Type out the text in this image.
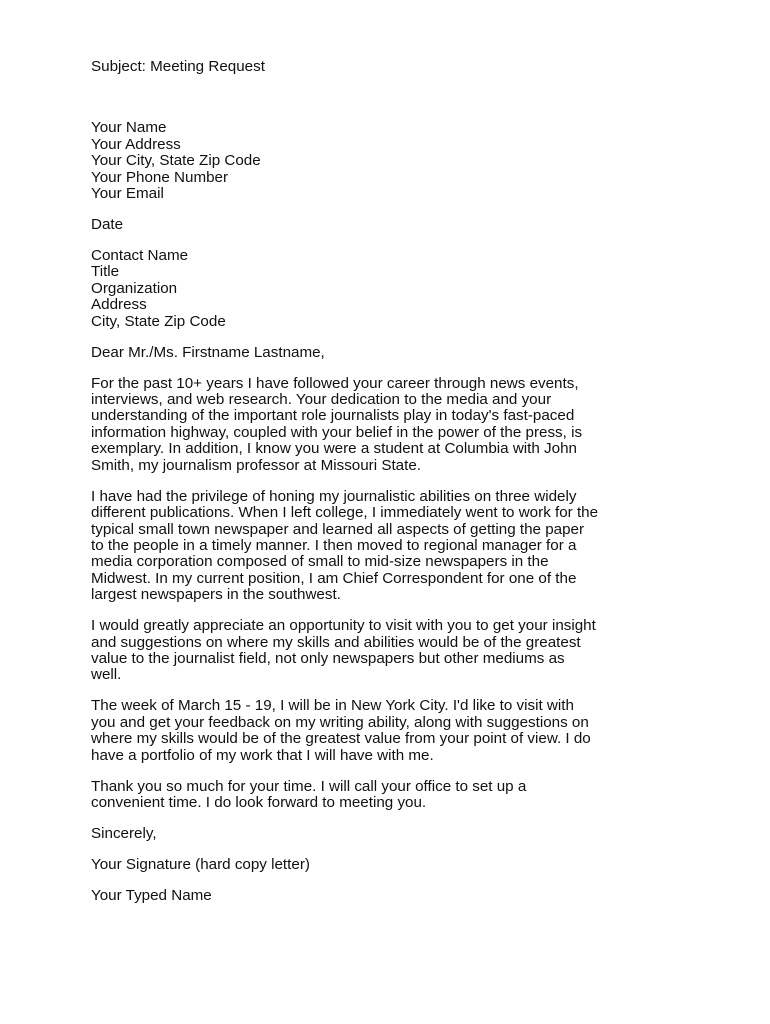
Subject: Meeting Request
Your Name
Your Address
Your City, State Zip Code
Your Phone Number
Your Email
Date
Contact Name
Title
Organization
Address
City, State Zip Code
Dear Mr./Ms. Firstname Lastname,
For the past 10+ years I have followed your career through news events,
interviews, and web research. Your dedication to the media and your
understanding of the important role journalists play in today's fast-paced
information highway, coupled with your belief in the power of the press, is
exemplary. In addition, I know you were a student at Columbia with John
Smith, my journalism professor at Missouri State.
I have had the privilege of honing my journalistic abilities on three widely
different publications. When I left college, I immediately went to work for the
typical small town newspaper and learned all aspects of getting the paper
to the people in a timely manner. I then moved to regional manager for a
media corporation composed of small to mid-size newspapers in the
Midwest. In my current position, I am Chief Correspondent for one of the
largest newspapers in the southwest.
I would greatly appreciate an opportunity to visit with you to get your insight
and suggestions on where my skills and abilities would be of the greatest
value to the journalist field, not only newspapers but other mediums as
well.
The week of March 15 - 19, I will be in New York City. I'd like to visit with
you and get your feedback on my writing ability, along with suggestions on
where my skills would be of the greatest value from your point of view. I do
have a portfolio of my work that I will have with me.
Thank you so much for your time. I will call your office to set up a
convenient time. I do look forward to meeting you.
Sincerely,
Your Signature (hard copy letter)
Your Typed Name
